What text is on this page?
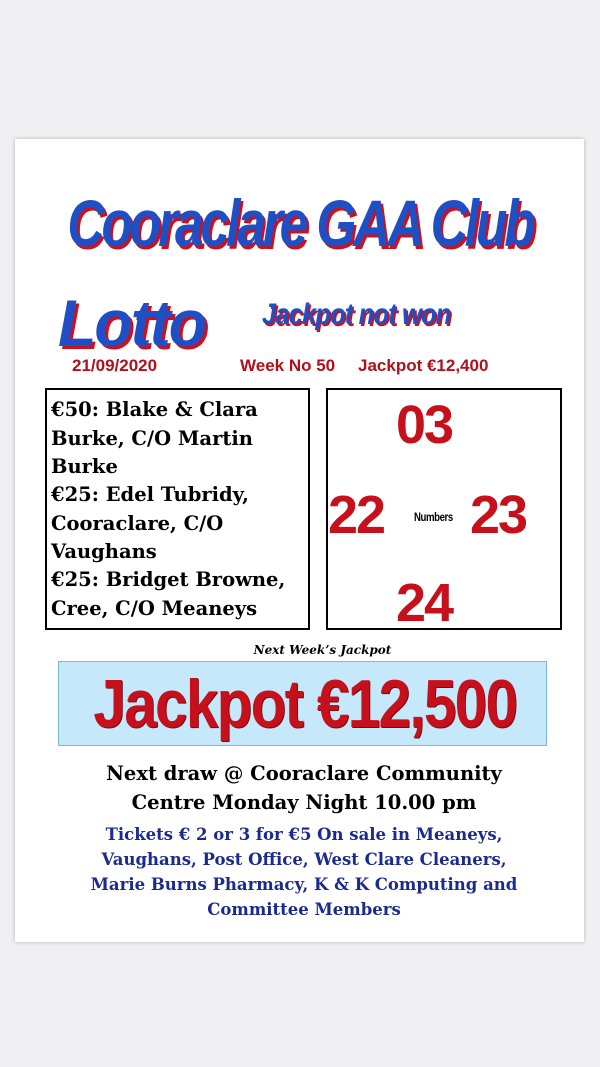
Cooraclare GAA Club
Lotto Jackpot not won
21/09/2020	Week No 50 Jackpot €12,400
€50: Blake & Clara Burke, C/O Martin Burke
€25: Edel Tubridy, Cooraclare, C/O Vaughans
€25: Bridget Browne, Cree, C/O Meaneys
03
22 Numbers 23
24
Next Week’s Jackpot
Jackpot €12,500
Next draw @ Cooraclare Community
Centre Monday Night 10.00 pm
Tickets € 2 or 3 for €5 On sale in Meaneys,
Vaughans, Post Office, West Clare Cleaners,
Marie Burns Pharmacy, K & K Computing and
Committee Members
